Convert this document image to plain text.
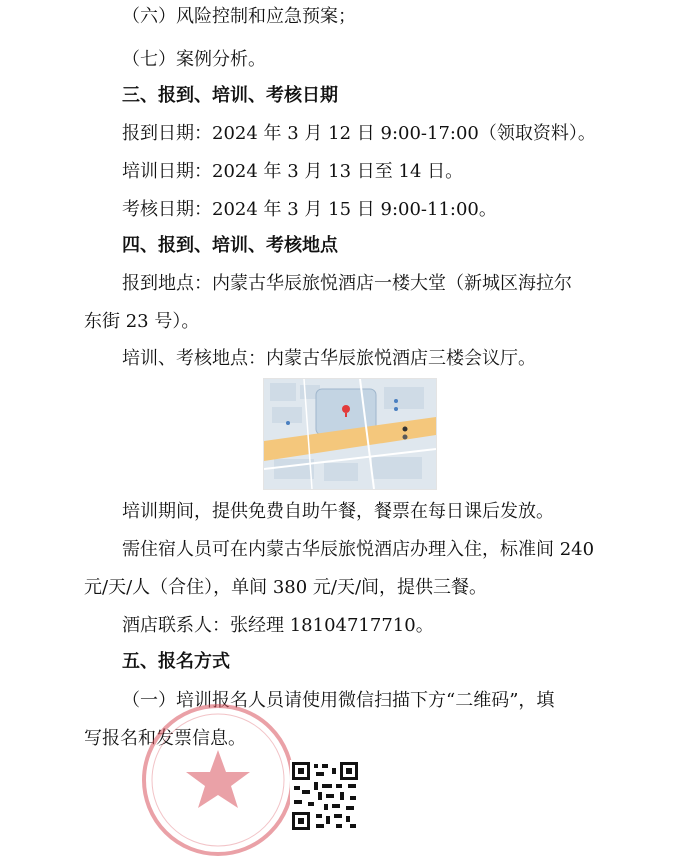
（六）风险控制和应急预案；
（七）案例分析。
三、报到、培训、考核日期
报到日期：2024 年 3 月 12 日 9:00-17:00（领取资料）。
培训日期：2024 年 3 月 13 日至 14 日。
考核日期：2024 年 3 月 15 日 9:00-11:00。
四、报到、培训、考核地点
报到地点：内蒙古华辰旅悦酒店一楼大堂（新城区海拉尔
东街 23 号）。
培训、考核地点：内蒙古华辰旅悦酒店三楼会议厅。
培训期间，提供免费自助午餐，餐票在每日课后发放。
需住宿人员可在内蒙古华辰旅悦酒店办理入住，标准间 240
元/天/人（合住），单间 380 元/天/间，提供三餐。
酒店联系人：张经理 18104717710。
五、报名方式
（一）培训报名人员请使用微信扫描下方“二维码”，填
写报名和发票信息。
